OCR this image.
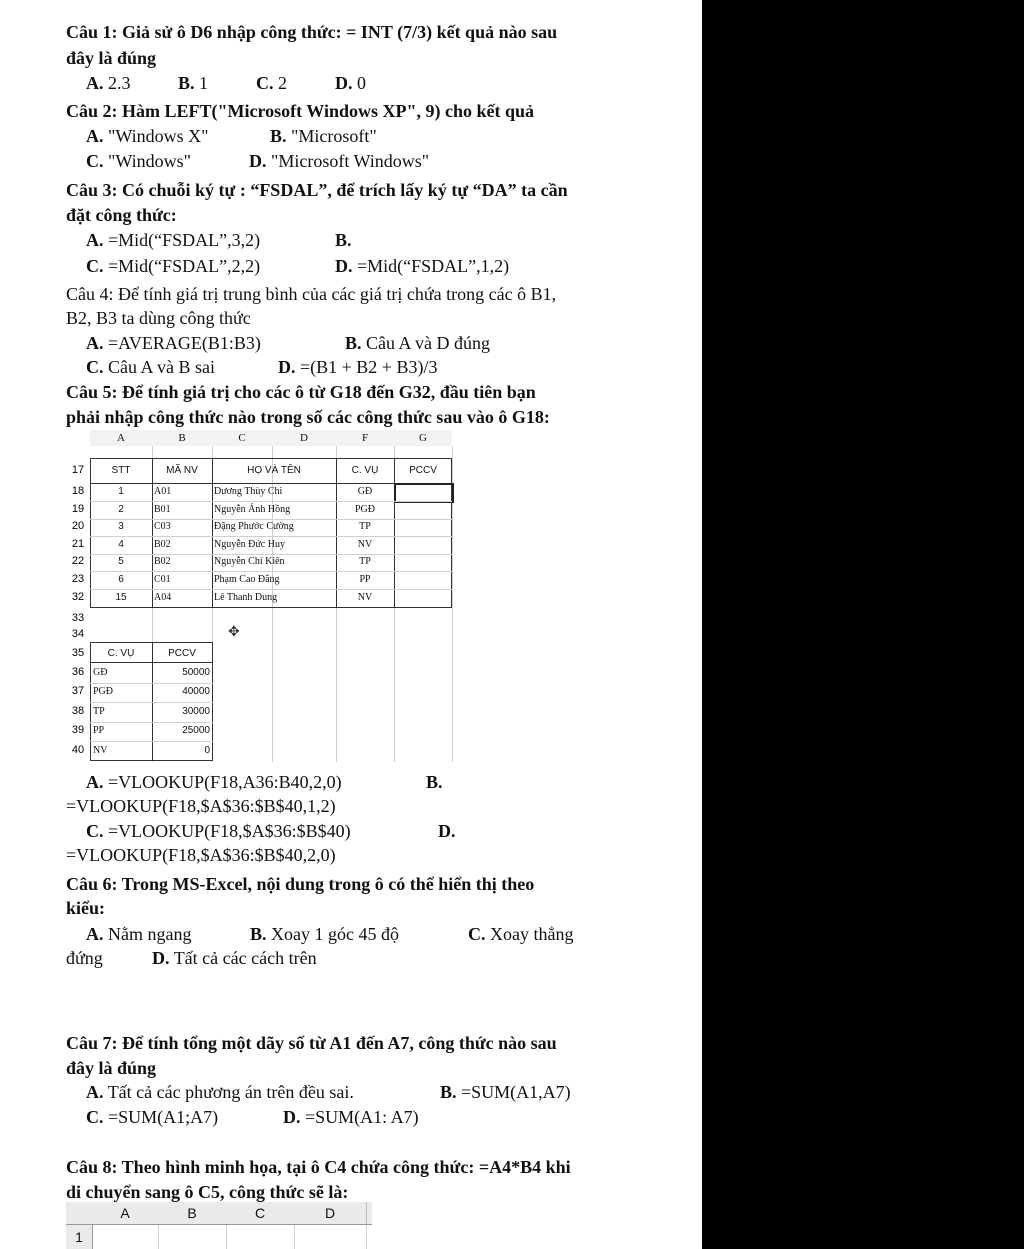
Câu 1: Giả sử ô D6 nhập công thức: = INT (7/3) kết quả nào sau
đây là đúng
A. 2.3	B. 1	C. 2	D. 0
Câu 2: Hàm LEFT("Microsoft Windows XP", 9) cho kết quả
A. "Windows X"	B. "Microsoft"
C. "Windows"	D. "Microsoft Windows"
Câu 3: Có chuỗi ký tự : “FSDAL”, để trích lấy ký tự “DA” ta cần
đặt công thức:
A. =Mid(“FSDAL”,3,2)	B.
C. =Mid(“FSDAL”,2,2)	D. =Mid(“FSDAL”,1,2)
Câu 4: Để tính giá trị trung bình của các giá trị chứa trong các ô B1,
B2, B3 ta dùng công thức
A. =AVERAGE(B1:B3)	B. Câu A và D đúng
C. Câu A và B sai	D. =(B1 + B2 + B3)/3
Câu 5: Để tính giá trị cho các ô từ G18 đến G32, đầu tiên bạn
phải nhập công thức nào trong số các công thức sau vào ô G18:
A	B	C	D	F	G
17	STT	MÃ NV	HỌ VÀ TÊN	C. VỤ	PCCV
18	1	A01	Dương Thùy Chi	GĐ
19	2	B01	Nguyễn Ánh Hồng	PGĐ
20	3	C03	Đặng Phước Cường	TP
21	4	B02	Nguyễn Đức Huy	NV
22	5	B02	Nguyễn Chí Kiên	TP
23	6	C01	Phạm Cao Đằng	PP
32	15	A04	Lê Thanh Dung	NV
33
34	✥
35	C. VỤ	PCCV
36 GĐ	50000
37 PGĐ	40000
38 TP	30000
39 PP	25000
40 NV	0
A. =VLOOKUP(F18,A36:B40,2,0)	B.
=VLOOKUP(F18,$A$36:$B$40,1,2)
C. =VLOOKUP(F18,$A$36:$B$40)	D.
=VLOOKUP(F18,$A$36:$B$40,2,0)
Câu 6: Trong MS-Excel, nội dung trong ô có thể hiển thị theo
kiểu:
A. Nằm ngang	B. Xoay 1 góc 45 độ	C. Xoay thẳng
đứng	D. Tất cả các cách trên
Câu 7: Để tính tổng một dãy số từ A1 đến A7, công thức nào sau
đây là đúng
A. Tất cả các phương án trên đều sai.	B. =SUM(A1,A7)
C. =SUM(A1;A7)	D. =SUM(A1: A7)
Câu 8: Theo hình minh họa, tại ô C4 chứa công thức: =A4*B4 khi
di chuyển sang ô C5, công thức sẽ là:
A	B	C	D
1
